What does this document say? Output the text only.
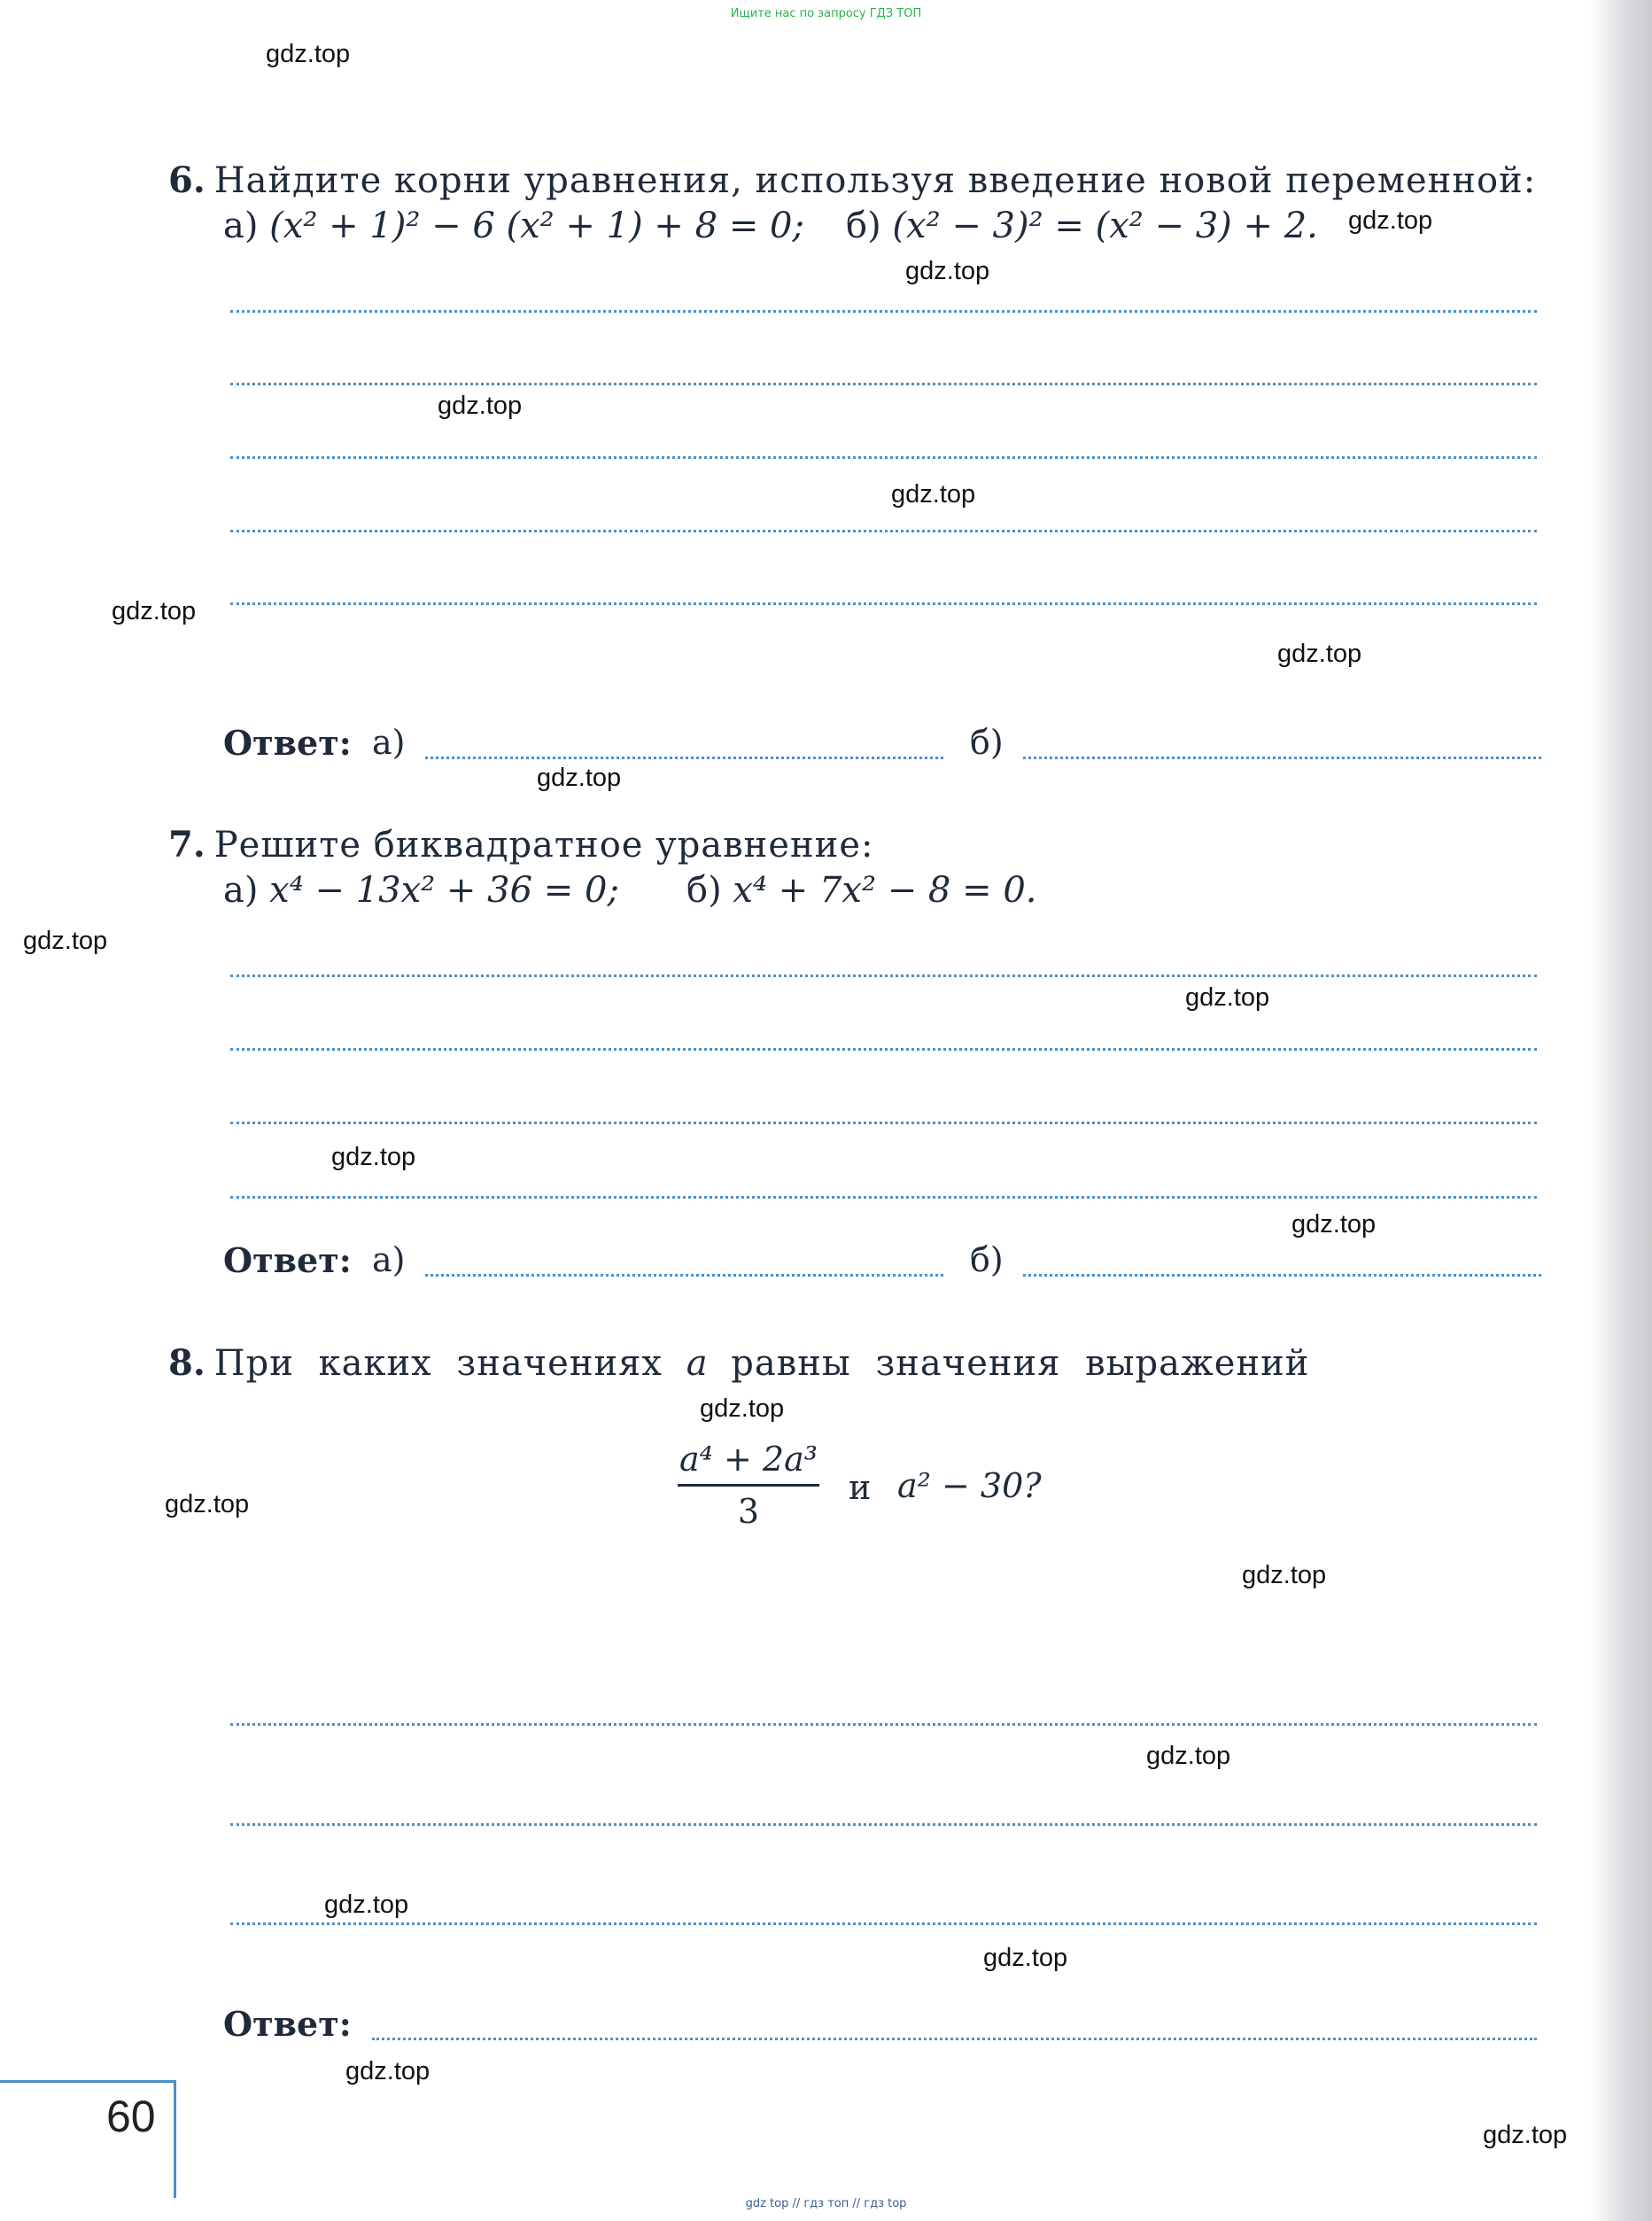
Ищите нас по запросу ГДЗ ТОП
6. Найдите корни уравнения, используя введение новой переменной:
а) (x² + 1)² − 6 (x² + 1) + 8 = 0; б) (x² − 3)² = (x² − 3) + 2.
Ответ: а)	б)
7. Решите биквадратное уравнение:
а) x⁴ − 13x² + 36 = 0; б) x⁴ + 7x² − 8 = 0.
Ответ: а)	б)
8. При каких значениях a равны значения выражений
a⁴ + 2a³
3
и a² − 30?
Ответ:
60
gdz top // гдз топ // гдз top
gdz.top
gdz.top
gdz.top
gdz.top
gdz.top
gdz.top
gdz.top
gdz.top
gdz.top
gdz.top
gdz.top
gdz.top
gdz.top
gdz.top
gdz.top
gdz.top
gdz.top
gdz.top
gdz.top
gdz.top
